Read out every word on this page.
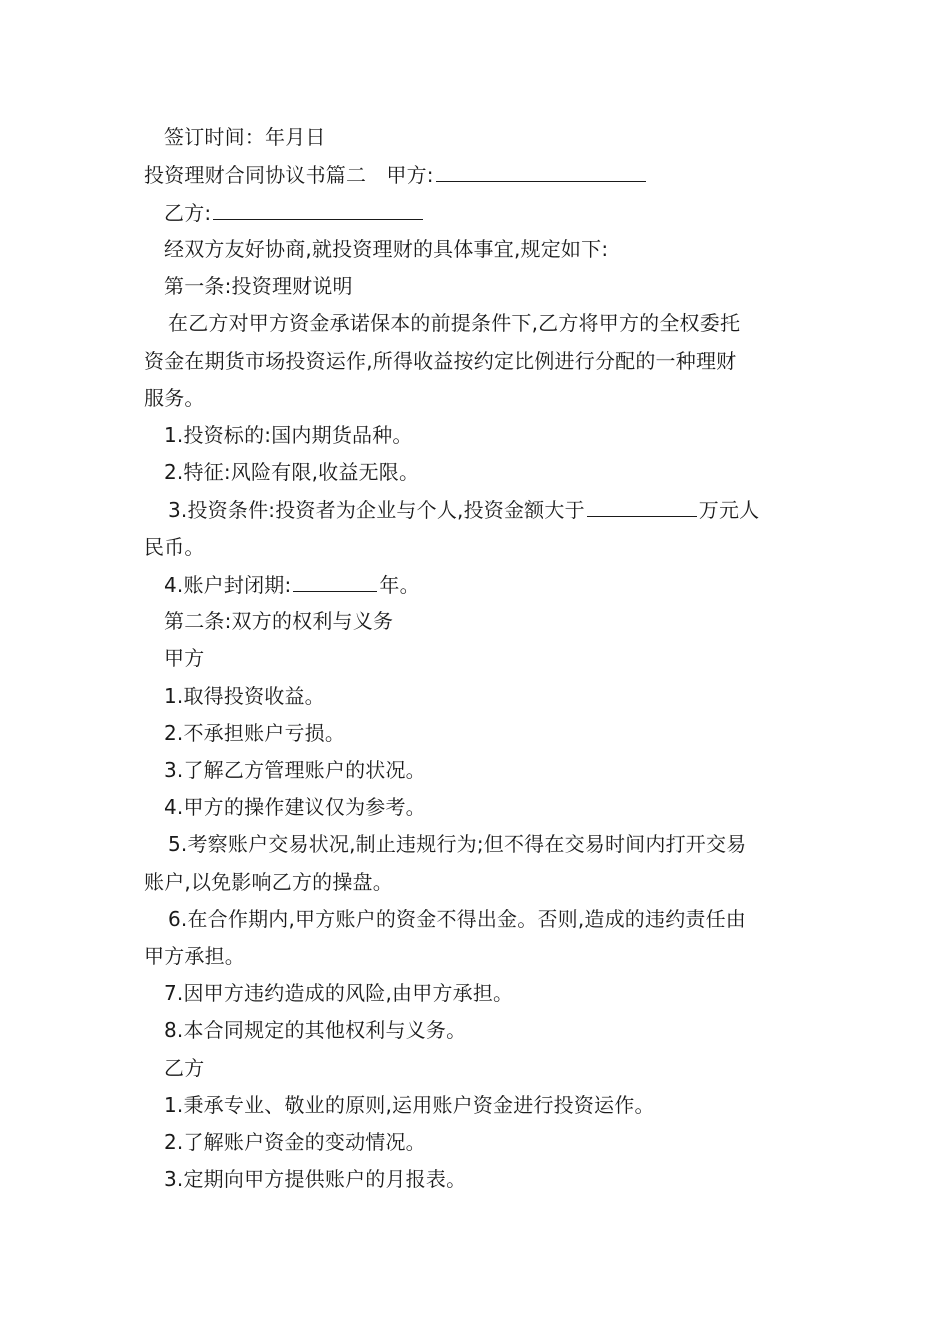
签订时间：年月日
投资理财合同协议书篇二　甲方:
乙方:
经双方友好协商,就投资理财的具体事宜,规定如下:
第一条:投资理财说明
在乙方对甲方资金承诺保本的前提条件下,乙方将甲方的全权委托
资金在期货市场投资运作,所得收益按约定比例进行分配的一种理财
服务。
1.投资标的:国内期货品种。
2.特征:风险有限,收益无限。
3.投资条件:投资者为企业与个人,投资金额大于	万元人
民币。
4.账户封闭期:	年。
第二条:双方的权利与义务
甲方
1.取得投资收益。
2.不承担账户亏损。
3.了解乙方管理账户的状况。
4.甲方的操作建议仅为参考。
5.考察账户交易状况,制止违规行为;但不得在交易时间内打开交易
账户,以免影响乙方的操盘。
6.在合作期内,甲方账户的资金不得出金。否则,造成的违约责任由
甲方承担。
7.因甲方违约造成的风险,由甲方承担。
8.本合同规定的其他权利与义务。
乙方
1.秉承专业、敬业的原则,运用账户资金进行投资运作。
2.了解账户资金的变动情况。
3.定期向甲方提供账户的月报表。
